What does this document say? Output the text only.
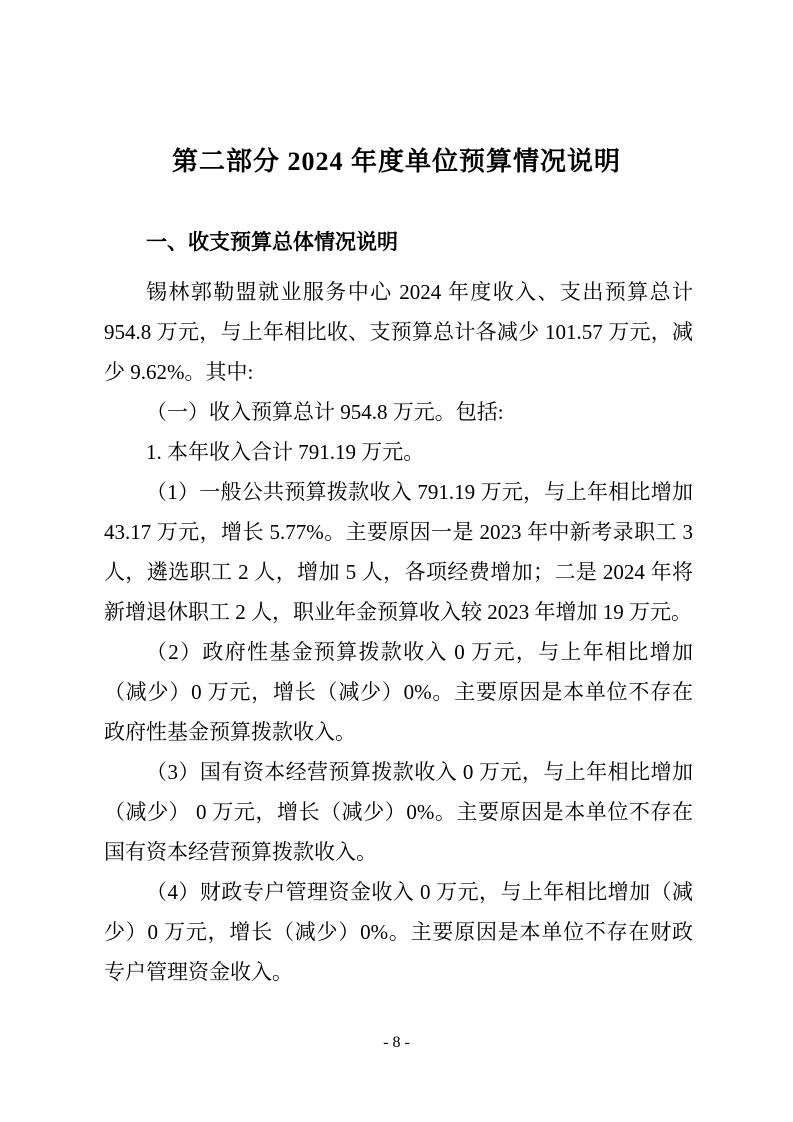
第二部分 2024 年度单位预算情况说明
一、收支预算总体情况说明

锡林郭勒盟就业服务中心 2024 年度收入、支出预算总计 954.8 万元，与上年相比收、支预算总计各减少 101.57 万元，减少 9.62%。其中:

（一）收入预算总计 954.8 万元。包括:

1. 本年收入合计 791.19 万元。

（1）一般公共预算拨款收入 791.19 万元，与上年相比增加 43.17 万元，增长 5.77%。主要原因一是 2023 年中新考录职工 3 人，遴选职工 2 人，增加 5 人，各项经费增加；二是 2024 年将新增退休职工 2 人，职业年金预算收入较 2023 年增加 19 万元。

（2）政府性基金预算拨款收入 0 万元，与上年相比增加（减少）0 万元，增长（减少）0%。主要原因是本单位不存在政府性基金预算拨款收入。

（3）国有资本经营预算拨款收入 0 万元，与上年相比增加（减少） 0 万元，增长（减少）0%。主要原因是本单位不存在国有资本经营预算拨款收入。

（4）财政专户管理资金收入 0 万元，与上年相比增加（减少）0 万元，增长（减少）0%。主要原因是本单位不存在财政专户管理资金收入。

- 8 -
